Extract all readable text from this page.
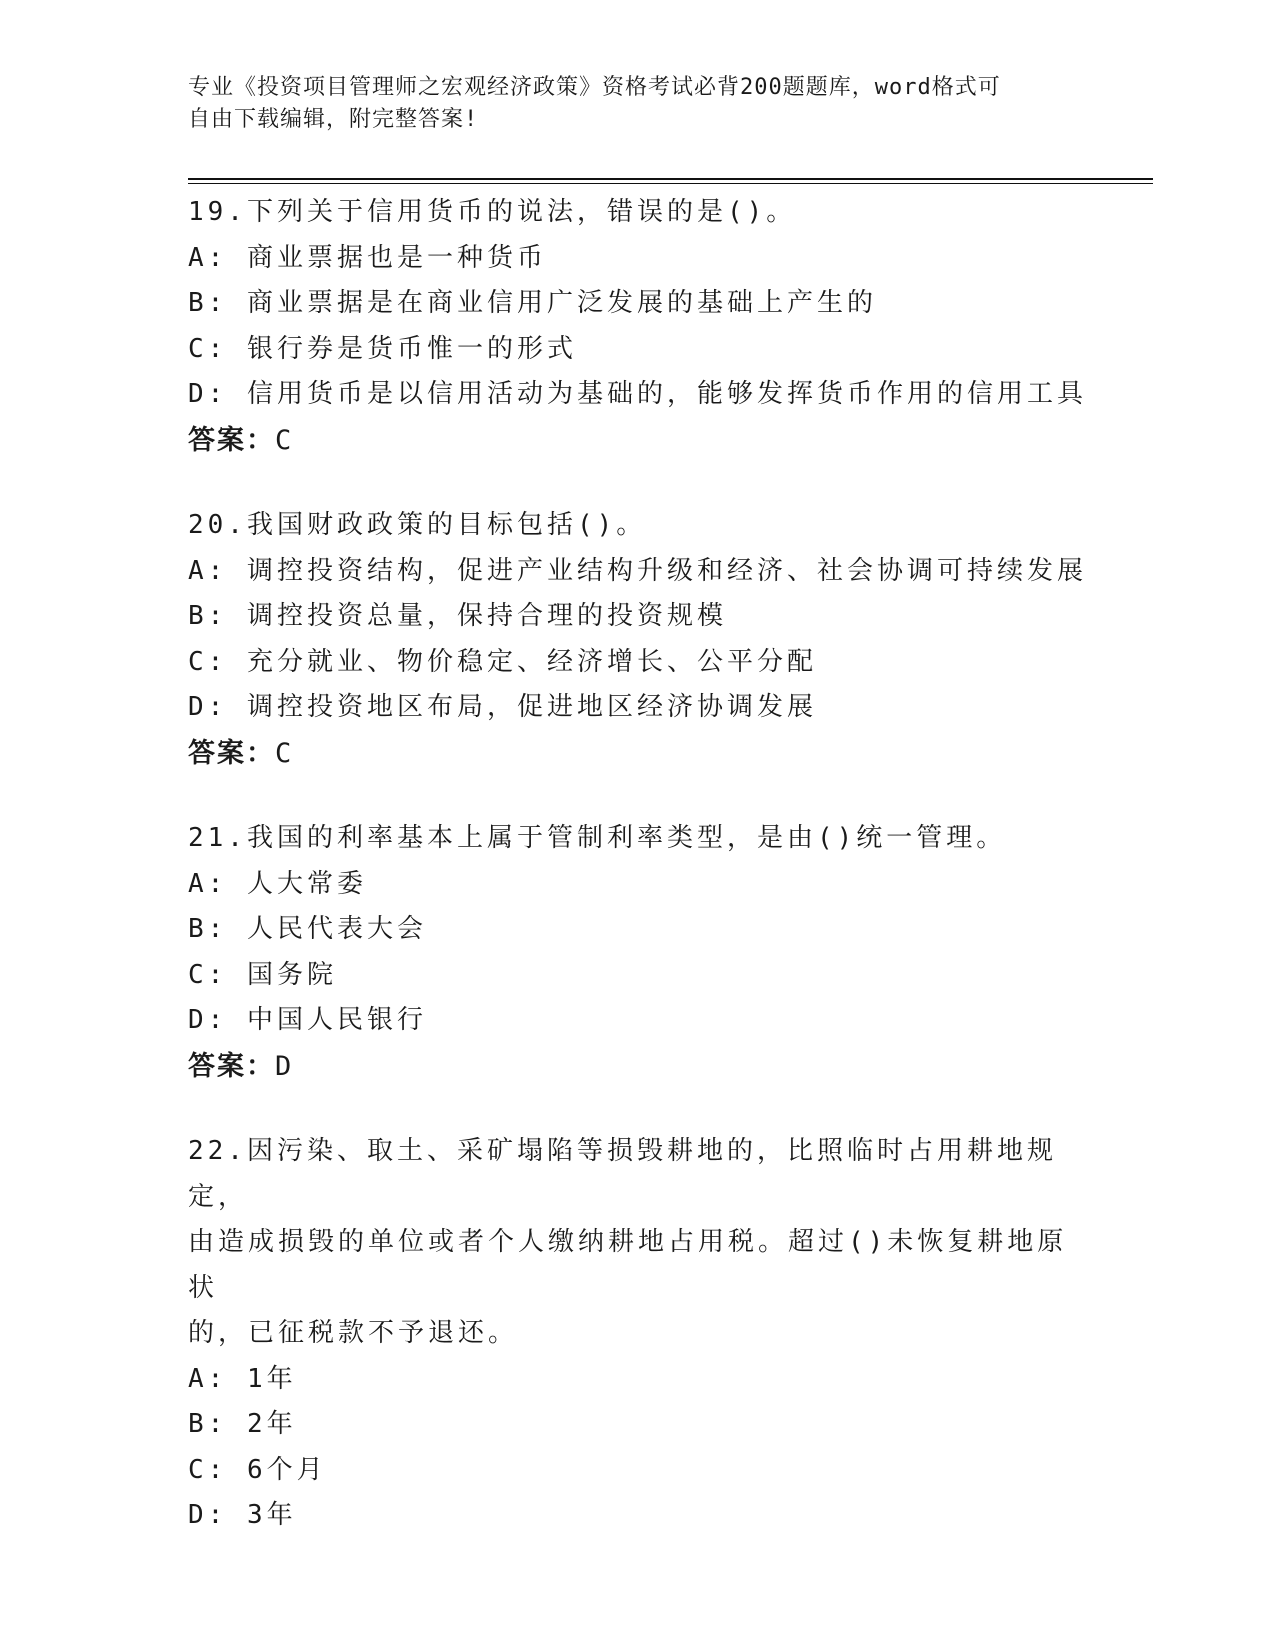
专业《投资项目管理师之宏观经济政策》资格考试必背200题题库，word格式可
自由下载编辑，附完整答案!
19.下列关于信用货币的说法，错误的是()。
A: 商业票据也是一种货币
B: 商业票据是在商业信用广泛发展的基础上产生的
C: 银行券是货币惟一的形式
D: 信用货币是以信用活动为基础的，能够发挥货币作用的信用工具
答案：C
20.我国财政政策的目标包括()。
A: 调控投资结构，促进产业结构升级和经济、社会协调可持续发展
B: 调控投资总量，保持合理的投资规模
C: 充分就业、物价稳定、经济增长、公平分配
D: 调控投资地区布局，促进地区经济协调发展
答案：C
21.我国的利率基本上属于管制利率类型，是由()统一管理。
A: 人大常委
B: 人民代表大会
C: 国务院
D: 中国人民银行
答案：D
22.因污染、取土、采矿塌陷等损毁耕地的，比照临时占用耕地规定，
由造成损毁的单位或者个人缴纳耕地占用税。超过()未恢复耕地原状
的，已征税款不予退还。
A: 1年
B: 2年
C: 6个月
D: 3年
